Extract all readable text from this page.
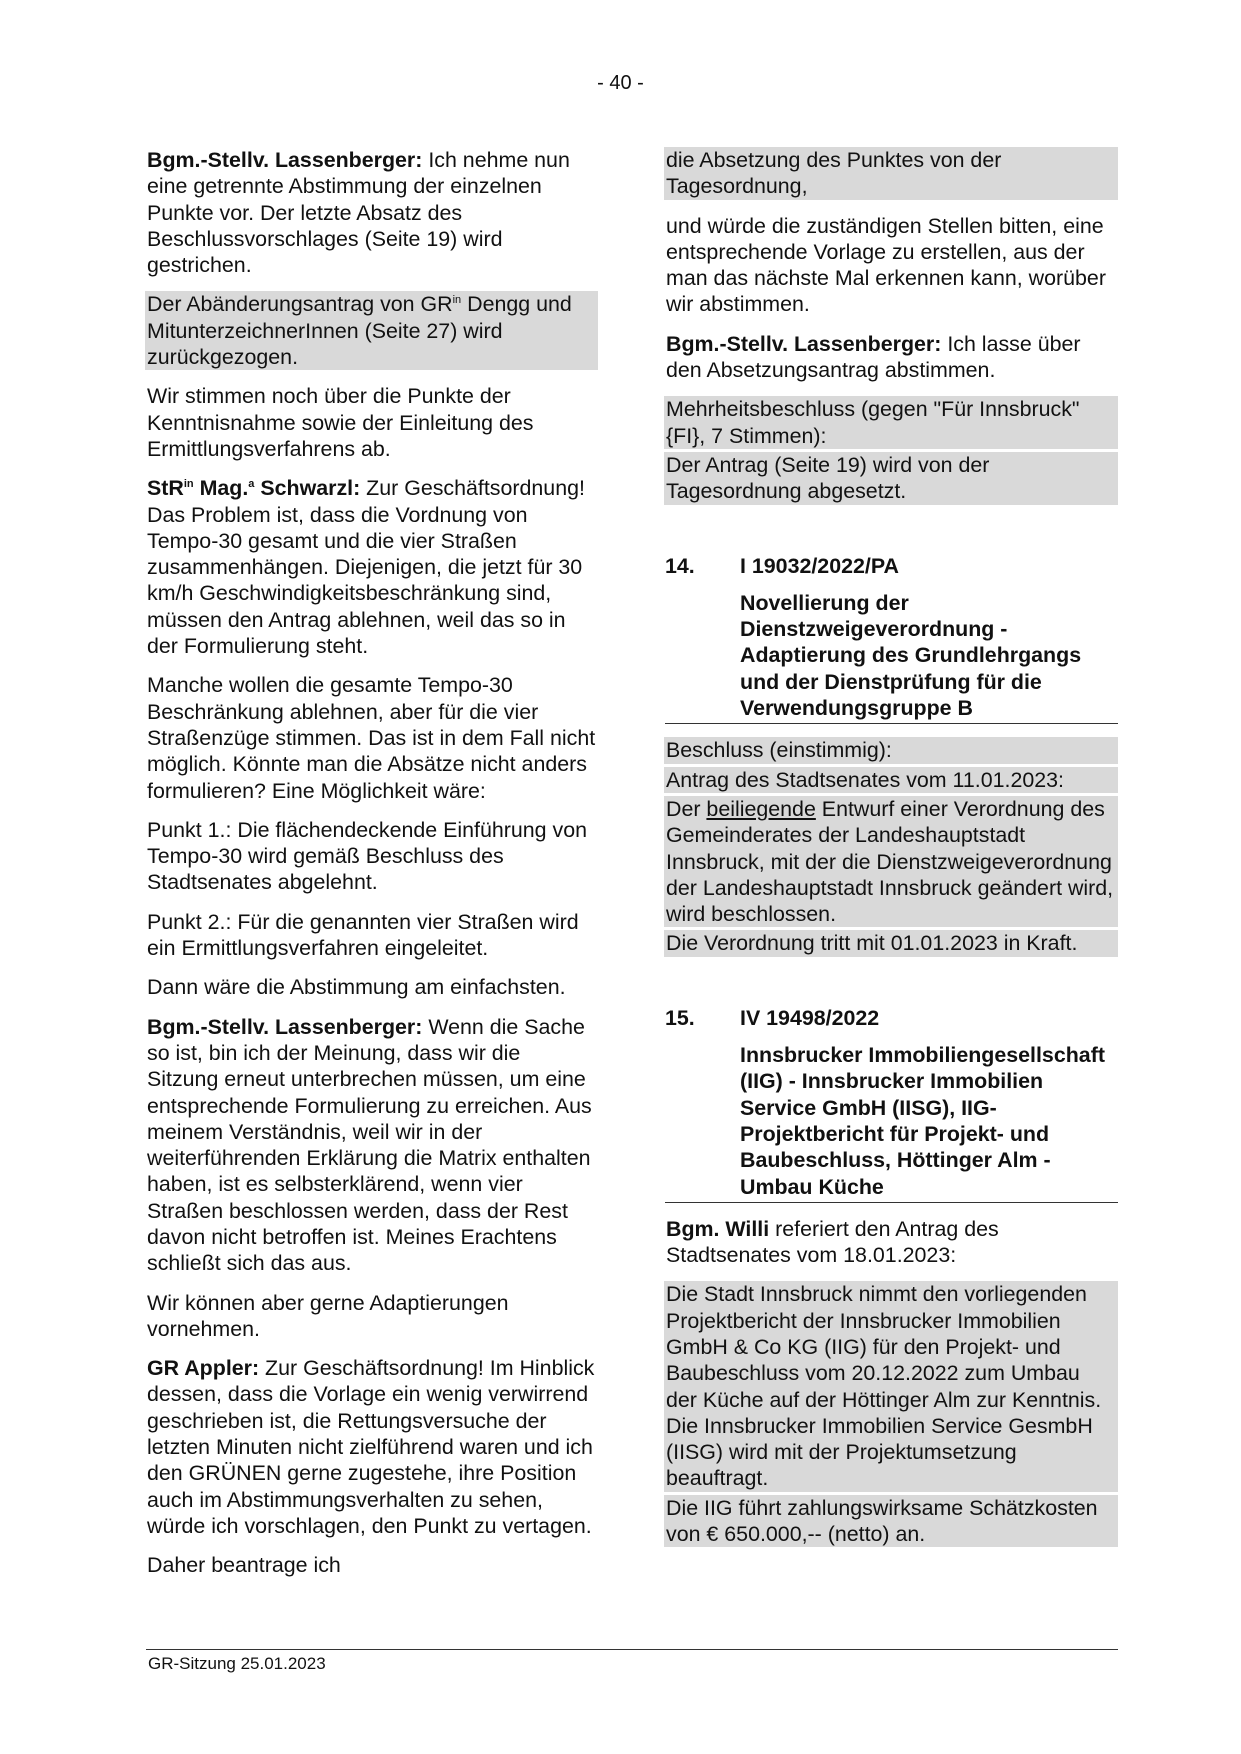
- 40 -

Bgm.-Stellv. Lassenberger: Ich nehme nun eine getrennte Abstimmung der einzelnen Punkte vor. Der letzte Absatz des Beschlussvorschlages (Seite 19) wird gestrichen.

Der Abänderungsantrag von $GR^{in}$ Dengg und MitunterzeichnerInnen (Seite 27) wird zurückgezogen.

Wir stimmen noch über die Punkte der Kenntnisnahme sowie der Einleitung des Ermittlungsverfahrens ab.

StR$^{in}$ Mag.$^a$ Schwarzl: Zur Geschäftsordnung! Das Problem ist, dass die Vordnung von Tempo-30 gesamt und die vier Straßen zusammenhängen. Diejenigen, die jetzt für 30 km/h Geschwindigkeitsbeschränkung sind, müssen den Antrag ablehnen, weil das so in der Formulierung steht.

Manche wollen die gesamte Tempo-30 Beschränkung ablehnen, aber für die vier Straßenzüge stimmen. Das ist in dem Fall nicht möglich. Könnte man die Absätze nicht anders formulieren? Eine Möglichkeit wäre:

Punkt 1.: Die flächendeckende Einführung von Tempo-30 wird gemäß Beschluss des Stadtsenates abgelehnt.

Punkt 2.: Für die genannten vier Straßen wird ein Ermittlungsverfahren eingeleitet.

Dann wäre die Abstimmung am einfachsten.

Bgm.-Stellv. Lassenberger: Wenn die Sache so ist, bin ich der Meinung, dass wir die Sitzung erneut unterbrechen müssen, um eine entsprechende Formulierung zu erreichen. Aus meinem Verständnis, weil wir in der weiterführenden Erklärung die Matrix enthalten haben, ist es selbsterklärend, wenn vier Straßen beschlossen werden, dass der Rest davon nicht betroffen ist. Meines Erachtens schließt sich das aus.

Wir können aber gerne Adaptierungen vornehmen.

GR Appler: Zur Geschäftsordnung! Im Hinblick dessen, dass die Vorlage ein wenig verwirrend geschrieben ist, die Rettungsversuche der letzten Minuten nicht zielführend waren und ich den GRÜNEN gerne zugestehe, ihre Position auch im Abstimmungsverhalten zu sehen, würde ich vorschlagen, den Punkt zu vertagen.

Daher beantrage ich

die Absetzung des Punktes von der Tagesordnung,

und würde die zuständigen Stellen bitten, eine entsprechende Vorlage zu erstellen, aus der man das nächste Mal erkennen kann, worüber wir abstimmen.

Bgm.-Stellv. Lassenberger: Ich lasse über den Absetzungsantrag abstimmen.

Mehrheitsbeschluss (gegen "Für Innsbruck" {FI}, 7 Stimmen):

Der Antrag (Seite 19) wird von der Tagesordnung abgesetzt.

14.	I 19032/2022/PA
Novellierung der Dienstzweigeverordnung - Adaptierung des Grundlehrgangs und der Dienstprüfung für die Verwendungsgruppe B

Beschluss (einstimmig):

Antrag des Stadtsenates vom 11.01.2023:

Der beiliegende Entwurf einer Verordnung des Gemeinderates der Landeshauptstadt Innsbruck, mit der die Dienstzweigeverordnung der Landeshauptstadt Innsbruck geändert wird, wird beschlossen.

Die Verordnung tritt mit 01.01.2023 in Kraft.

15.	IV 19498/2022
Innsbrucker Immobiliengesellschaft (IIG) - Innsbrucker Immobilien Service GmbH (IISG), IIG-Projektbericht für Projekt- und Baubeschluss, Höttinger Alm - Umbau Küche

Bgm. Willi referiert den Antrag des Stadtsenates vom 18.01.2023:

Die Stadt Innsbruck nimmt den vorliegenden Projektbericht der Innsbrucker Immobilien GmbH & Co KG (IIG) für den Projekt- und Baubeschluss vom 20.12.2022 zum Umbau der Küche auf der Höttinger Alm zur Kenntnis. Die Innsbrucker Immobilien Service GesmbH (IISG) wird mit der Projektumsetzung beauftragt.

Die IIG führt zahlungswirksame Schätzkosten von € 650.000,-- (netto) an.

GR-Sitzung 25.01.2023
